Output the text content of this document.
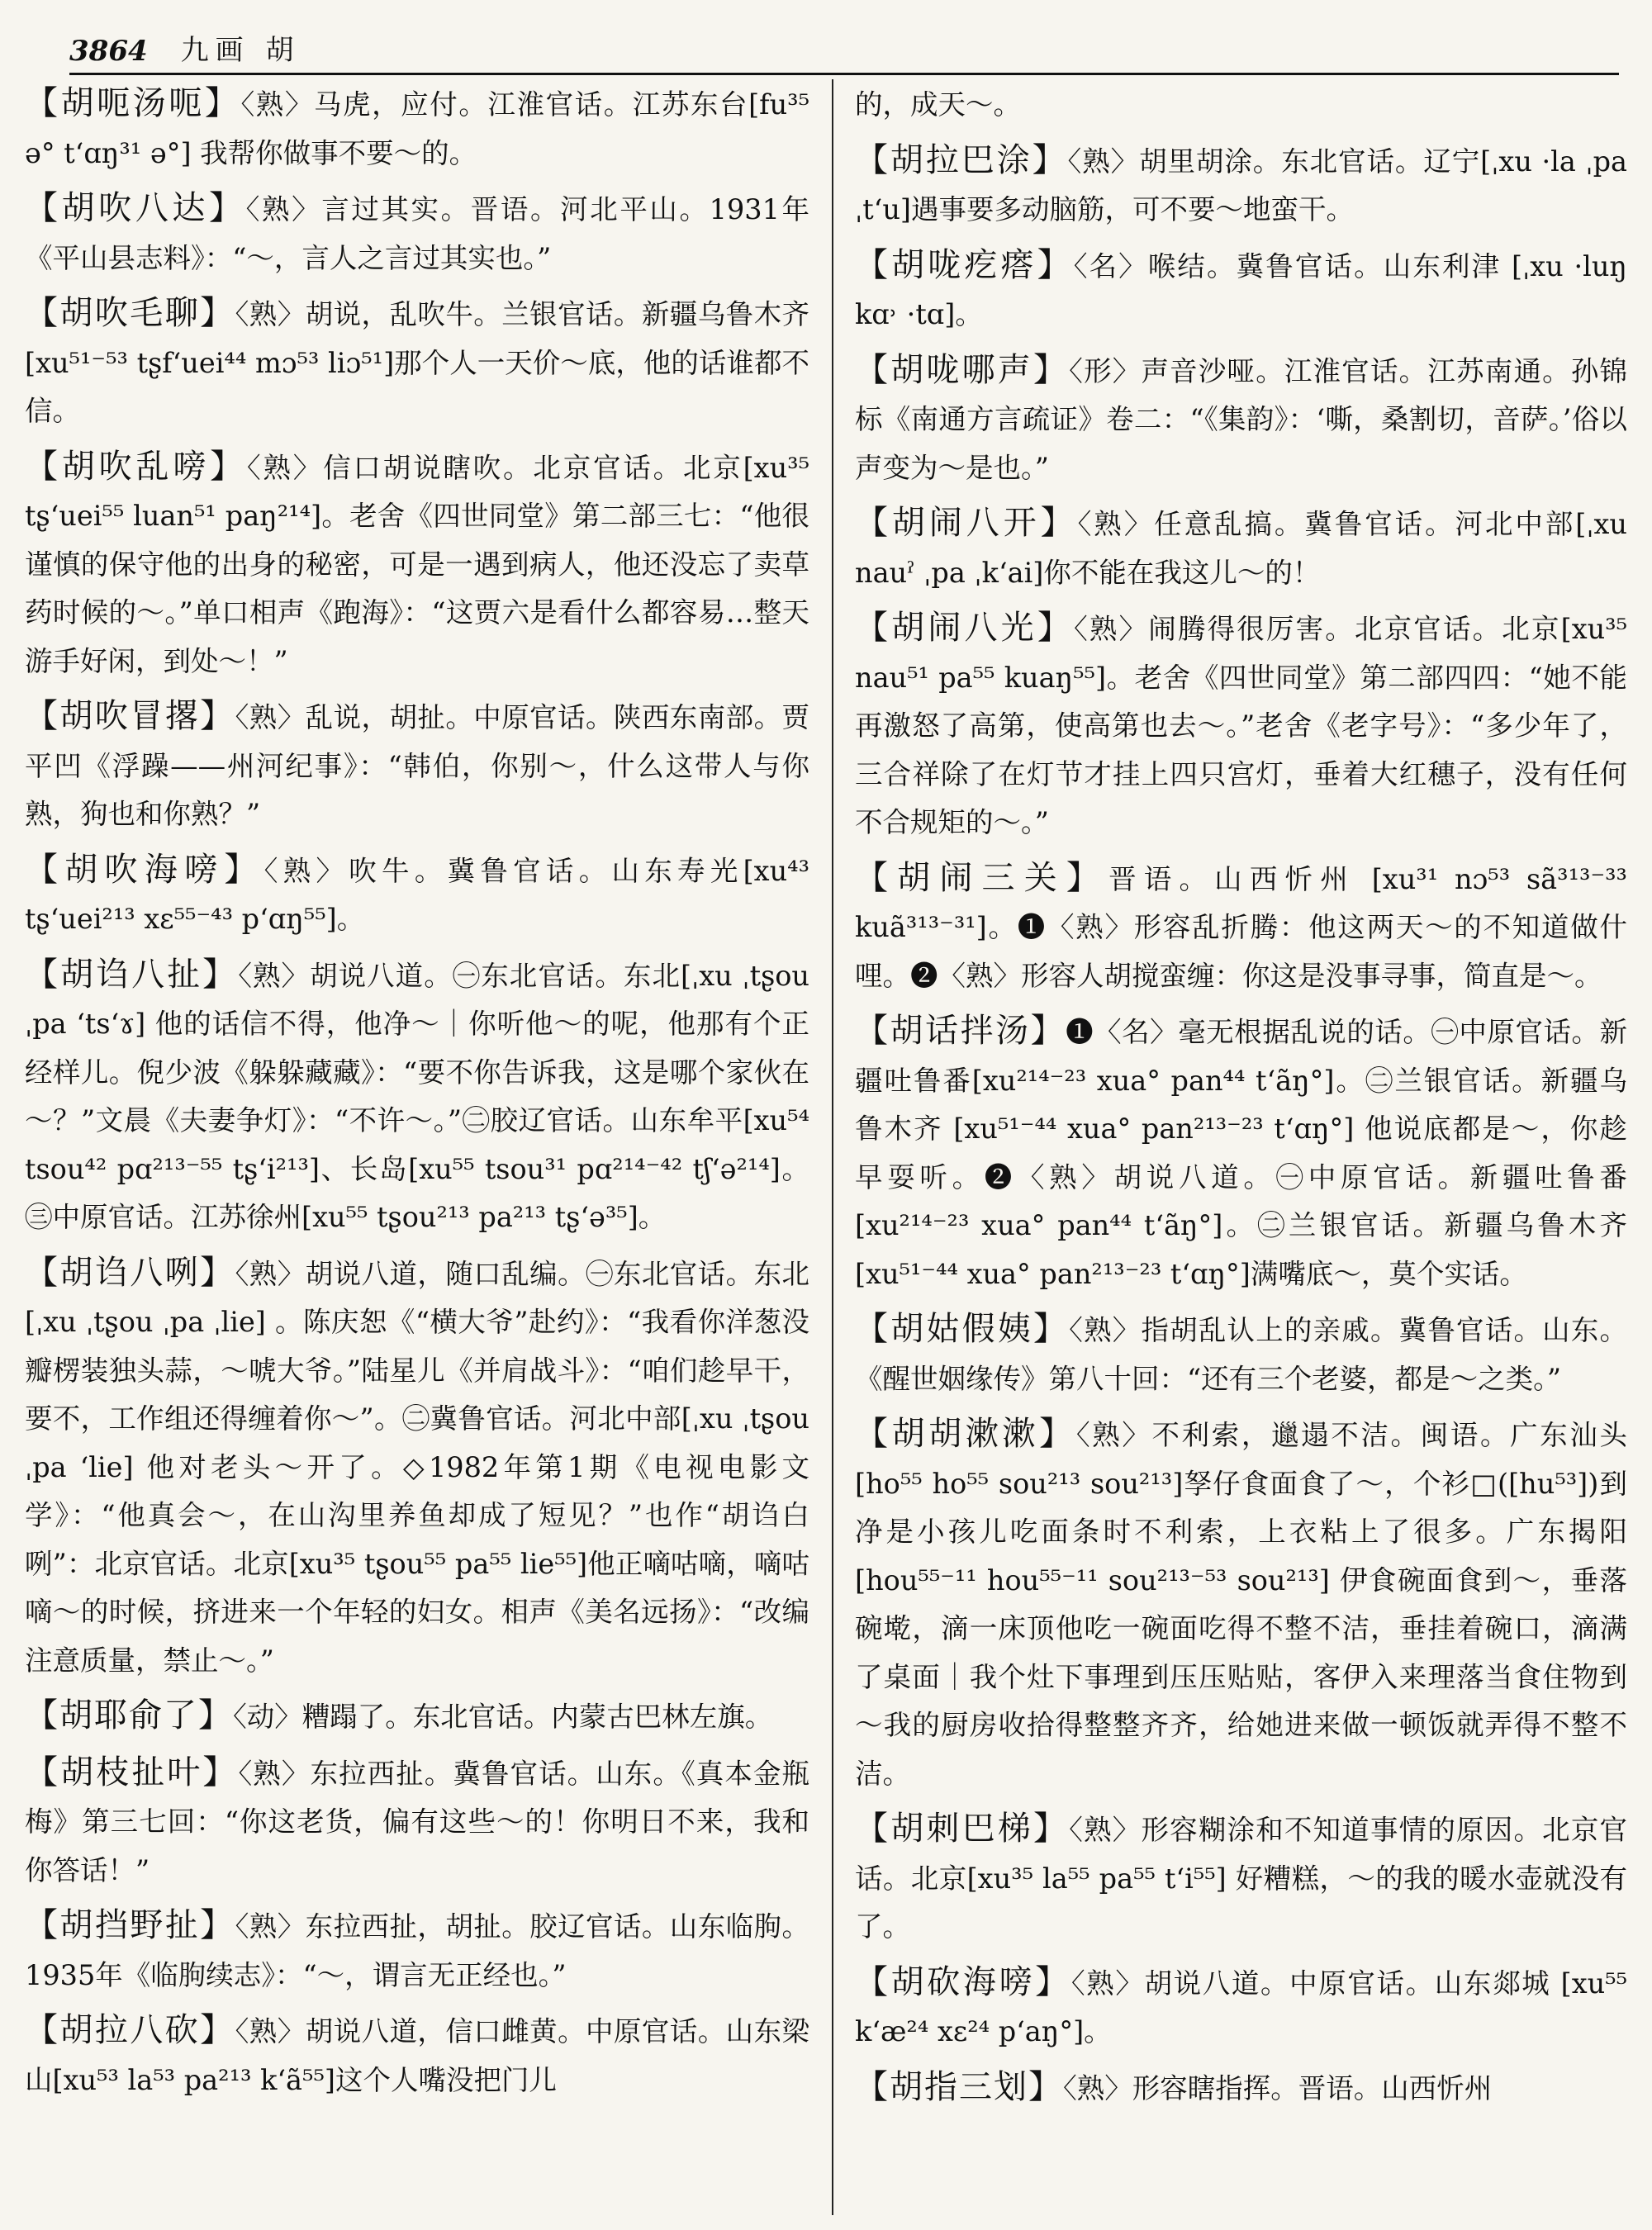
3864 九画 胡

【胡呃汤呃】〈熟〉马虎，应付。江淮官话。江苏东台[fu³⁵ ə° tʻɑŋ³¹ ə°] 我帮你做事不要～的。

【胡吹八达】〈熟〉言过其实。晋语。河北平山。1931年《平山县志料》：“～，言人之言过其实也。”

【胡吹毛聊】〈熟〉胡说，乱吹牛。兰银官话。新疆乌鲁木齐[xu⁵¹⁻⁵³ tʂfʻuei⁴⁴ mɔ⁵³ liɔ⁵¹]那个人一天价～底，他的话谁都不信。

【胡吹乱嗙】〈熟〉信口胡说瞎吹。北京官话。北京[xu³⁵ tʂʻuei⁵⁵ luan⁵¹ paŋ²¹⁴]。老舍《四世同堂》第二部三七：“他很谨慎的保守他的出身的秘密，可是一遇到病人，他还没忘了卖草药时候的～。”单口相声《跑海》：“这贾六是看什么都容易…整天游手好闲，到处～！”

【胡吹冒撂】〈熟〉乱说，胡扯。中原官话。陕西东南部。贾平凹《浮躁——州河纪事》：“韩伯，你别～，什么这带人与你熟，狗也和你熟？”

【胡吹海嗙】〈熟〉吹牛。冀鲁官话。山东寿光[xu⁴³ tʂʻuei²¹³ xɛ⁵⁵⁻⁴³ pʻɑŋ⁵⁵]。

【胡诌八扯】〈熟〉胡说八道。㊀东北官话。东北[ˌxu ˌtʂou ˌpa ʻtsʻɤ] 他的话信不得，他净～｜你听他～的呢，他那有个正经样儿。倪少波《躲躲藏藏》：“要不你告诉我，这是哪个家伙在～？”文晨《夫妻争灯》：“不许～。”㊁胶辽官话。山东牟平[xu⁵⁴ tsou⁴² pɑ²¹³⁻⁵⁵ tʂʻi²¹³]、长岛[xu⁵⁵ tsou³¹ pɑ²¹⁴⁻⁴² tʃʻə²¹⁴]。㊂中原官话。江苏徐州[xu⁵⁵ tʂou²¹³ pa²¹³ tʂʻə³⁵]。

【胡诌八咧】〈熟〉胡说八道，随口乱编。㊀东北官话。东北 [ˌxu ˌtʂou ˌpa ˌlie] 。陈庆恕《“横大爷”赴约》：“我看你洋葱没瓣楞装独头蒜，～唬大爷。”陆星儿《并肩战斗》：“咱们趁早干，要不，工作组还得缠着你～”。㊁冀鲁官话。河北中部[ˌxu ˌtʂou ˌpa ʻlie] 他对老头～开了。◇1982年第1期《电视电影文学》：“他真会～，在山沟里养鱼却成了短见？”也作“胡诌白咧”：北京官话。北京[xu³⁵ tʂou⁵⁵ pa⁵⁵ lie⁵⁵]他正嘀咕嘀，嘀咕嘀～的时候，挤进来一个年轻的妇女。相声《美名远扬》：“改编注意质量，禁止～。”

【胡耶俞了】〈动〉糟蹋了。东北官话。内蒙古巴林左旗。

【胡枝扯叶】〈熟〉东拉西扯。冀鲁官话。山东。《真本金瓶梅》第三七回：“你这老货，偏有这些～的！你明日不来，我和你答话！”

【胡挡野扯】〈熟〉东拉西扯，胡扯。胶辽官话。山东临朐。1935年《临朐续志》：“～，谓言无正经也。”

【胡拉八砍】〈熟〉胡说八道，信口雌黄。中原官话。山东梁山[xu⁵³ la⁵³ pa²¹³ kʻã⁵⁵]这个人嘴没把门儿

的，成天～。

【胡拉巴涂】〈熟〉胡里胡涂。东北官话。辽宁[ˌxu ·la ˌpa ˌtʻu]遇事要多动脑筋，可不要～地蛮干。

【胡咙疙瘩】〈名〉喉结。冀鲁官话。山东利津 [ˌxu ·luŋ kɑ˒ ·tɑ]。

【胡咙哪声】〈形〉声音沙哑。江淮官话。江苏南通。孙锦标《南通方言疏证》卷二：“《集韵》：‘嘶，桑割切，音萨。’俗以声变为～是也。”

【胡闹八开】〈熟〉任意乱搞。冀鲁官话。河北中部[ˌxu nauˀ ˌpa ˌkʻai]你不能在我这儿～的！

【胡闹八光】〈熟〉闹腾得很厉害。北京官话。北京[xu³⁵ nau⁵¹ pa⁵⁵ kuaŋ⁵⁵]。老舍《四世同堂》第二部四四：“她不能再激怒了高第，使高第也去～。”老舍《老字号》：“多少年了，三合祥除了在灯节才挂上四只宫灯，垂着大红穗子，没有任何不合规矩的～。”

【胡闹三关】晋语。山西忻州 [xu³¹ nɔ⁵³ sã³¹³⁻³³ kuã³¹³⁻³¹]。❶〈熟〉形容乱折腾：他这两天～的不知道做什哩。❷〈熟〉形容人胡搅蛮缠：你这是没事寻事，简直是～。

【胡话拌汤】❶〈名〉毫无根据乱说的话。㊀中原官话。新疆吐鲁番[xu²¹⁴⁻²³ xua° pan⁴⁴ tʻãŋ°]。㊁兰银官话。新疆乌鲁木齐 [xu⁵¹⁻⁴⁴ xua° pan²¹³⁻²³ tʻɑŋ°] 他说底都是～，你趁早耍听。❷〈熟〉胡说八道。㊀中原官话。新疆吐鲁番 [xu²¹⁴⁻²³ xua° pan⁴⁴ tʻãŋ°]。㊁兰银官话。新疆乌鲁木齐[xu⁵¹⁻⁴⁴ xua° pan²¹³⁻²³ tʻɑŋ°]满嘴底～，莫个实话。

【胡姑假姨】〈熟〉指胡乱认上的亲戚。冀鲁官话。山东。《醒世姻缘传》第八十回：“还有三个老婆，都是～之类。”

【胡胡漱漱】〈熟〉不利索，邋遢不洁。闽语。广东汕头 [ho⁵⁵ ho⁵⁵ sou²¹³ sou²¹³]孥仔食面食了～，个衫□([hu⁵³])到净是小孩儿吃面条时不利索，上衣粘上了很多。广东揭阳 [hou⁵⁵⁻¹¹ hou⁵⁵⁻¹¹ sou²¹³⁻⁵³ sou²¹³] 伊食碗面食到～，垂落碗墘，滴一床顶他吃一碗面吃得不整不洁，垂挂着碗口，滴满了桌面｜我个灶下事理到压压贴贴，客伊入来理落当食住物到～我的厨房收拾得整整齐齐，给她进来做一顿饭就弄得不整不洁。

【胡刺巴梯】〈熟〉形容糊涂和不知道事情的原因。北京官话。北京[xu³⁵ la⁵⁵ pa⁵⁵ tʻi⁵⁵] 好糟糕，～的我的暖水壶就没有了。

【胡砍海嗙】〈熟〉胡说八道。中原官话。山东郯城 [xu⁵⁵ kʻæ²⁴ xɛ²⁴ pʻaŋ°]。

【胡指三划】〈熟〉形容瞎指挥。晋语。山西忻州
